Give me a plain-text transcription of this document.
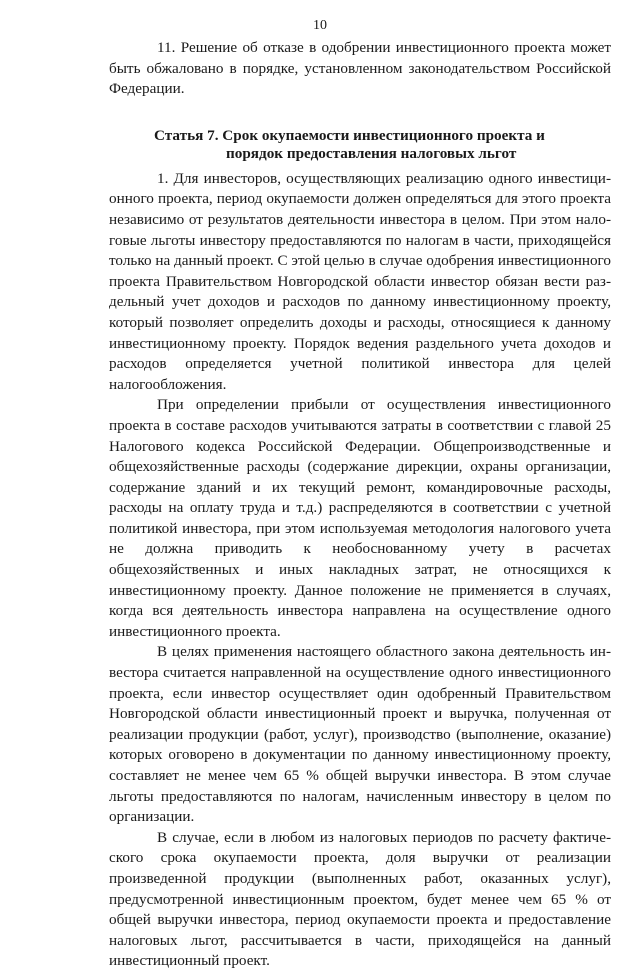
10

11. Решение об отказе в одобрении инвестиционного проекта может быть обжаловано в порядке, установленном законодательством Российской Федерации.

Статья 7. Срок окупаемости инвестиционного проекта и
порядок предоставления налоговых льгот

1. Для инвесторов, осуществляющих реализацию одного инвестиционного проекта, период окупаемости должен определяться для этого проекта независимо от результатов деятельности инвестора в целом. При этом налоговые льготы инвестору предоставляются по налогам в части, приходящейся только на данный проект. С этой целью в случае одобрения инвестиционного проекта Правительством Новгородской области инвестор обязан вести раздельный учет доходов и расходов по данному инвестиционному проекту, который позволяет определить доходы и расходы, относящиеся к данному инвестиционному проекту. Порядок ведения раздельного учета доходов и расходов определяется учетной политикой инвестора для целей налогообложения.

При определении прибыли от осуществления инвестиционного проекта в составе расходов учитываются затраты в соответствии с главой 25 Налогового кодекса Российской Федерации. Общепроизводственные и общехозяйственные расходы (содержание дирекции, охраны организации, содержание зданий и их текущий ремонт, командировочные расходы, расходы на оплату труда и т.д.) распределяются в соответствии с учетной политикой инвестора, при этом используемая методология налогового учета не должна приводить к необоснованному учету в расчетах общехозяйственных и иных накладных затрат, не относящихся к инвестиционному проекту. Данное положение не применяется в случаях, когда вся деятельность инвестора направлена на осуществление одного инвестиционного проекта.

В целях применения настоящего областного закона деятельность инвестора считается направленной на осуществление одного инвестиционного проекта, если инвестор осуществляет один одобренный Правительством Новгородской области инвестиционный проект и выручка, полученная от реализации продукции (работ, услуг), производство (выполнение, оказание) которых оговорено в документации по данному инвестиционному проекту, составляет не менее чем 65 % общей выручки инвестора. В этом случае льготы предоставляются по налогам, начисленным инвестору в целом по организации.

В случае, если в любом из налоговых периодов по расчету фактического срока окупаемости проекта, доля выручки от реализации произведенной продукции (выполненных работ, оказанных услуг), предусмотренной инвестиционным проектом, будет менее чем 65 % от общей выручки инвестора, период окупаемости проекта и предоставление налоговых льгот, рассчитывается в части, приходящейся на данный инвестиционный проект.
